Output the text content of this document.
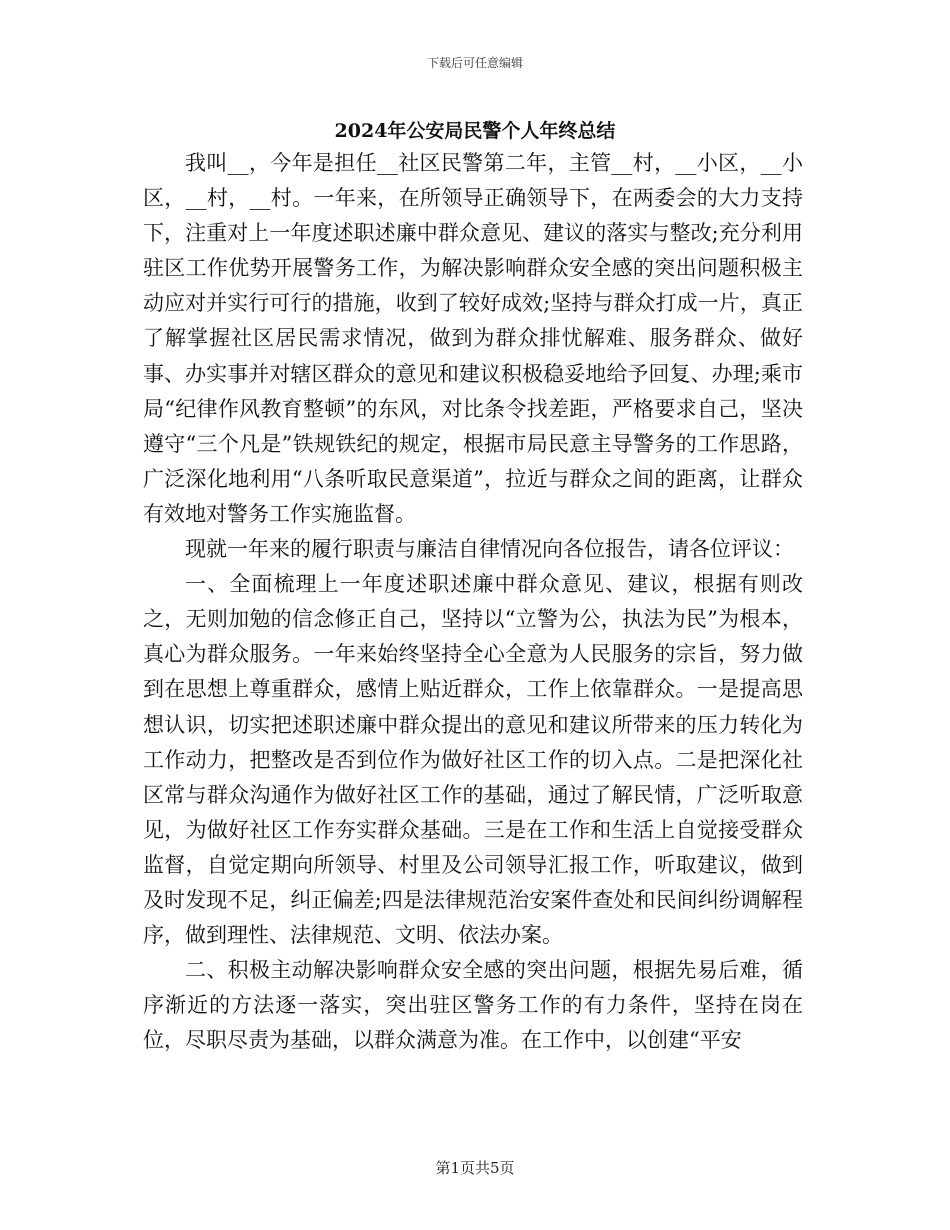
下载后可任意编辑
2024年公安局民警个人年终总结

我叫__，今年是担任__社区民警第二年，主管__村，__小区，__小区，__村，__村。一年来，在所领导正确领导下，在两委会的大力支持下，注重对上一年度述职述廉中群众意见、建议的落实与整改;充分利用驻区工作优势开展警务工作，为解决影响群众安全感的突出问题积极主动应对并实行可行的措施，收到了较好成效;坚持与群众打成一片，真正了解掌握社区居民需求情况，做到为群众排忧解难、服务群众、做好事、办实事并对辖区群众的意见和建议积极稳妥地给予回复、办理;乘市局“纪律作风教育整顿”的东风，对比条令找差距，严格要求自己，坚决遵守“三个凡是”铁规铁纪的规定，根据市局民意主导警务的工作思路，广泛深化地利用“八条听取民意渠道”，拉近与群众之间的距离，让群众有效地对警务工作实施监督。

现就一年来的履行职责与廉洁自律情况向各位报告，请各位评议：

一、全面梳理上一年度述职述廉中群众意见、建议，根据有则改之，无则加勉的信念修正自己，坚持以“立警为公，执法为民”为根本，真心为群众服务。一年来始终坚持全心全意为人民服务的宗旨，努力做到在思想上尊重群众，感情上贴近群众，工作上依靠群众。一是提高思想认识，切实把述职述廉中群众提出的意见和建议所带来的压力转化为工作动力，把整改是否到位作为做好社区工作的切入点。二是把深化社区常与群众沟通作为做好社区工作的基础，通过了解民情，广泛听取意见，为做好社区工作夯实群众基础。三是在工作和生活上自觉接受群众监督，自觉定期向所领导、村里及公司领导汇报工作，听取建议，做到及时发现不足，纠正偏差;四是法律规范治安案件查处和民间纠纷调解程序，做到理性、法律规范、文明、依法办案。

二、积极主动解决影响群众安全感的突出问题，根据先易后难，循序渐近的方法逐一落实，突出驻区警务工作的有力条件，坚持在岗在位，尽职尽责为基础，以群众满意为准。在工作中，以创建“平安

第1页共5页
